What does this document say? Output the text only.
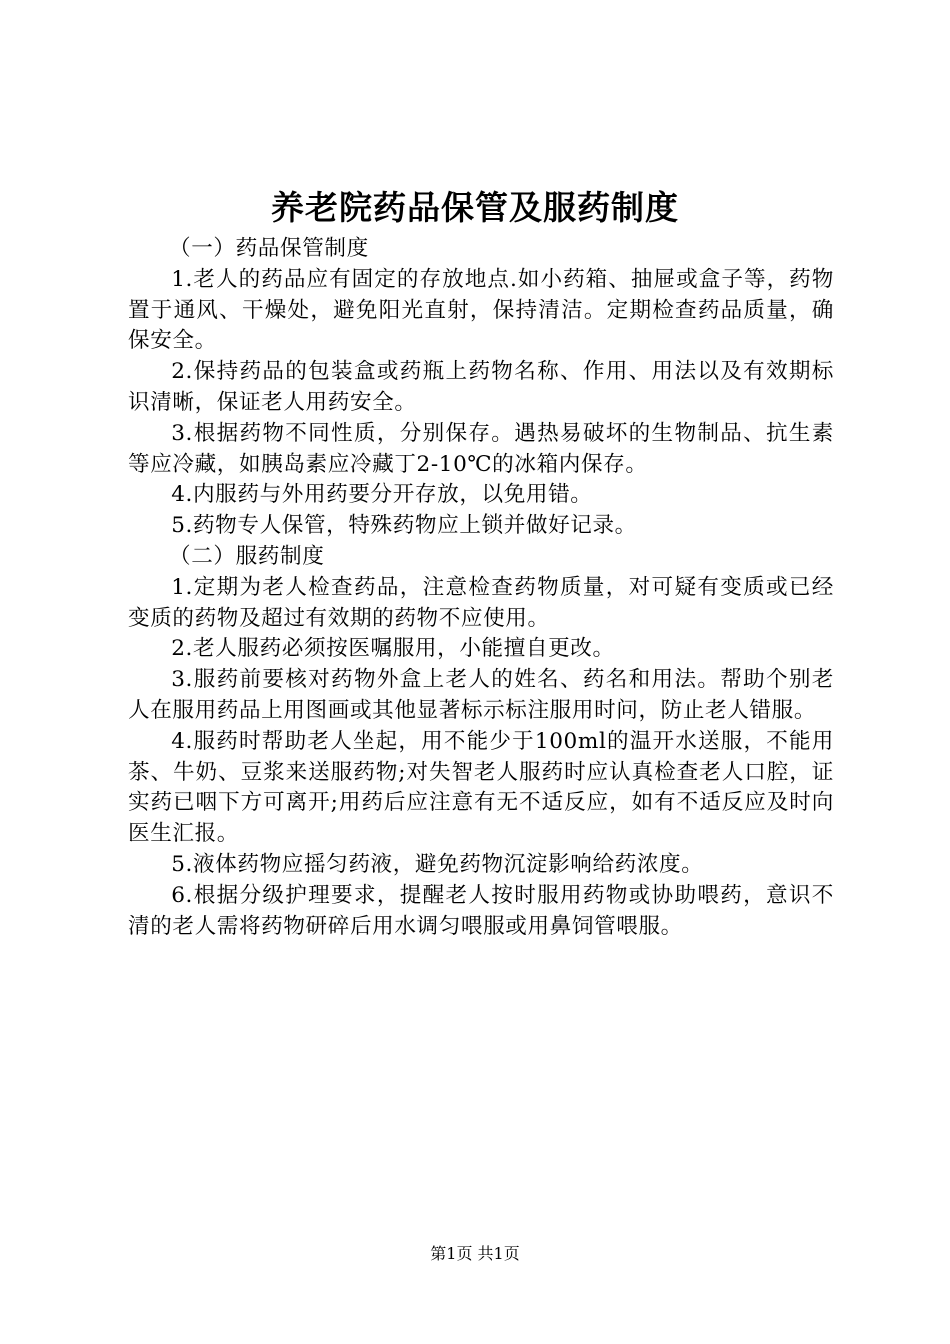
养老院药品保管及服药制度

（一）药品保管制度

1.老人的药品应有固定的存放地点.如小药箱、抽屉或盒子等，药物置于通风、干燥处，避免阳光直射，保持清洁。定期检查药品质量，确保安全。

2.保持药品的包装盒或药瓶上药物名称、作用、用法以及有效期标识清晰，保证老人用药安全。

3.根据药物不同性质，分别保存。遇热易破坏的生物制品、抗生素等应冷藏，如胰岛素应冷藏丁2-10℃的冰箱内保存。

4.内服药与外用药要分开存放，以免用错。

5.药物专人保管，特殊药物应上锁并做好记录。

（二）服药制度

1.定期为老人检查药品，注意检查药物质量，对可疑有变质或已经变质的药物及超过有效期的药物不应使用。

2.老人服药必须按医嘱服用，小能擅自更改。

3.服药前要核对药物外盒上老人的姓名、药名和用法。帮助个别老人在服用药品上用图画或其他显著标示标注服用时问，防止老人错服。

4.服药时帮助老人坐起，用不能少于100ml的温开水送服，不能用茶、牛奶、豆浆来送服药物;对失智老人服药时应认真检查老人口腔，证实药已咽下方可离开;用药后应注意有无不适反应，如有不适反应及时向医生汇报。

5.液体药物应摇匀药液，避免药物沉淀影响给药浓度。

6.根据分级护理要求，提醒老人按时服用药物或协助喂药，意识不清的老人需将药物研碎后用水调匀喂服或用鼻饲管喂服。

第1页 共1页
